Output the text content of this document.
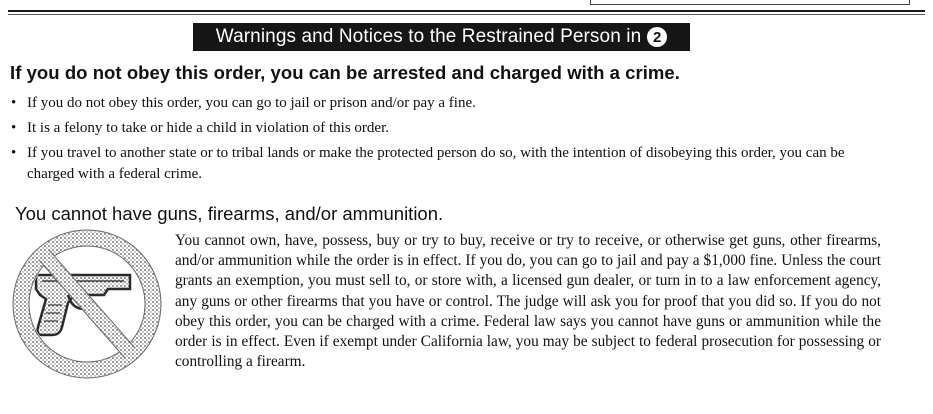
Warnings and Notices to the Restrained Person in 2
If you do not obey this order, you can be arrested and charged with a crime.
• If you do not obey this order, you can go to jail or prison and/or pay a fine.
• It is a felony to take or hide a child in violation of this order.
• If you travel to another state or to tribal lands or make the protected person do so, with the intention of disobeying this order, you can be charged with a federal crime.
You cannot have guns, firearms, and/or ammunition.

You cannot own, have, possess, buy or try to buy, receive or try to receive, or otherwise get guns, other firearms, and/or ammunition while the order is in effect. If you do, you can go to jail and pay a $1,000 fine. Unless the court grants an exemption, you must sell to, or store with, a licensed gun dealer, or turn in to a law enforcement agency, any guns or other firearms that you have or control. The judge will ask you for proof that you did so. If you do not obey this order, you can be charged with a crime. Federal law says you cannot have guns or ammunition while the order is in effect. Even if exempt under California law, you may be subject to federal prosecution for possessing or controlling a firearm.
